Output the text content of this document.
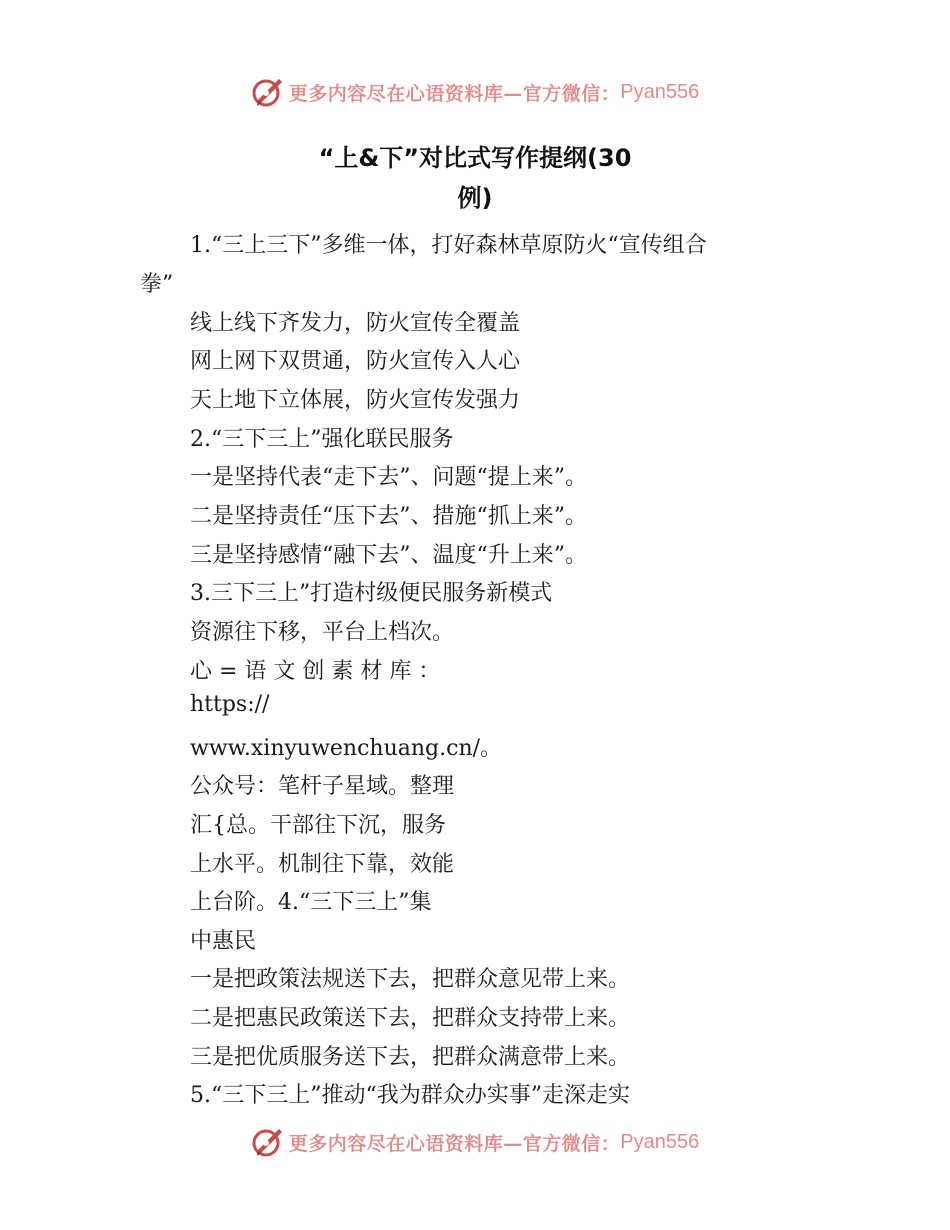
更多内容尽在心语资料库—官方微信： Pyan556
“上&下”对比式写作提纲(30
例)
1.“三上三下”多维一体，打好森林草原防火“宣传组合
拳”
线上线下齐发力，防火宣传全覆盖
网上网下双贯通，防火宣传入人心
天上地下立体展，防火宣传发强力
2.“三下三上”强化联民服务
一是坚持代表“走下去”、问题“提上来”。
二是坚持责任“压下去”、措施“抓上来”。
三是坚持感情“融下去”、温度“升上来”。
3.三下三上”打造村级便民服务新模式
资源往下移，平台上档次。
心 = 语 文 创 素 材 库 ：
https://
www.xinyuwenchuang.cn/。
公众号：笔杆子星域。整理
汇{总。干部往下沉，服务
上水平。机制往下靠，效能
上台阶。4.“三下三上”集
中惠民
一是把政策法规送下去，把群众意见带上来。
二是把惠民政策送下去，把群众支持带上来。
三是把优质服务送下去，把群众满意带上来。
5.“三下三上”推动“我为群众办实事”走深走实
更多内容尽在心语资料库—官方微信： Pyan556
